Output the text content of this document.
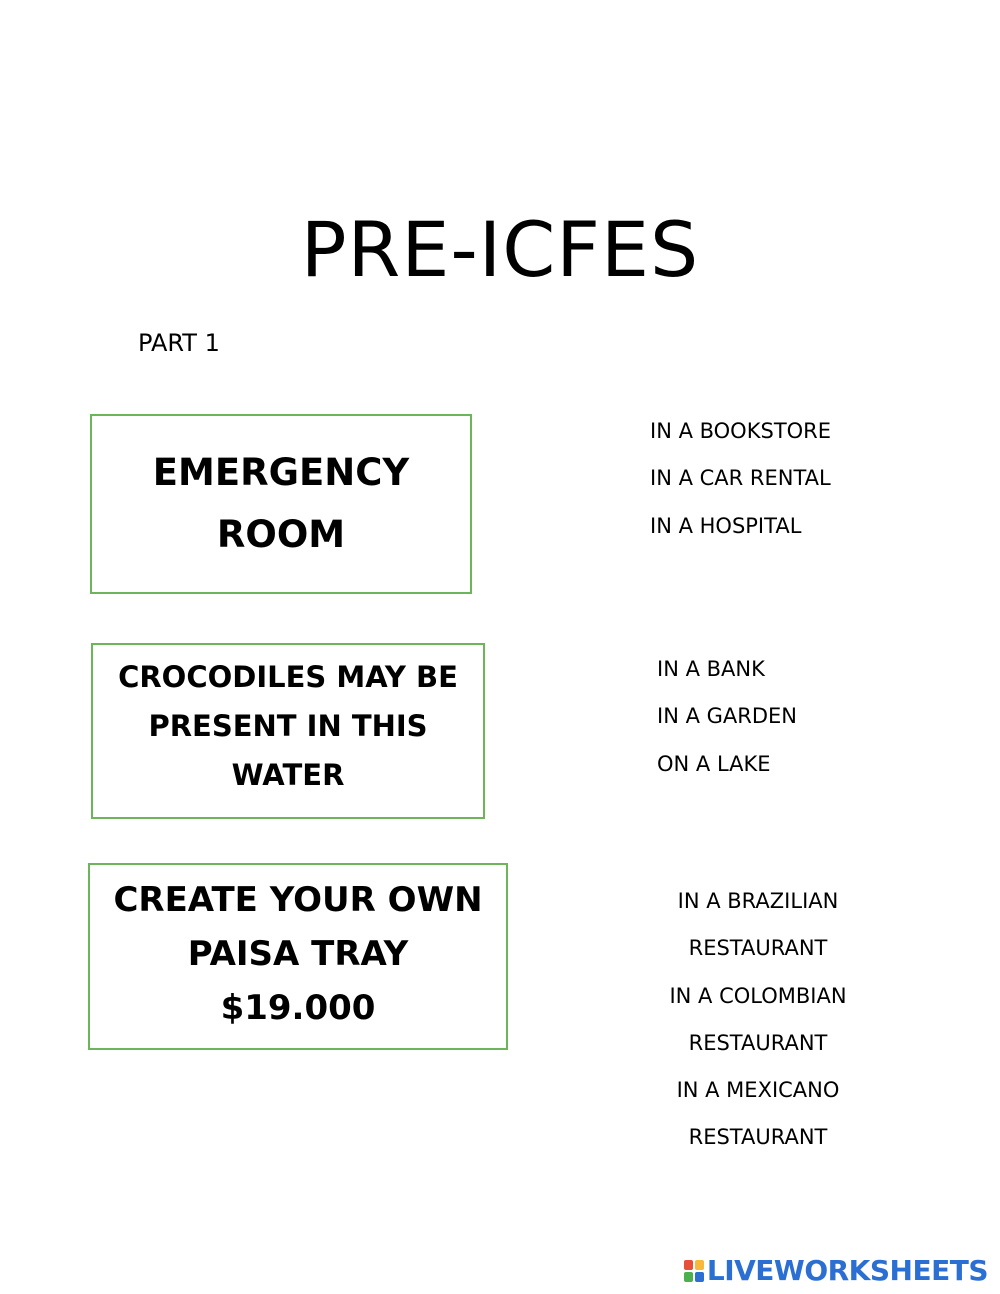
PRE-ICFES
PART 1
EMERGENCY
ROOM
IN A BOOKSTORE
IN A CAR RENTAL
IN A HOSPITAL
CROCODILES MAY BE
PRESENT IN THIS
WATER
IN A BANK
IN A GARDEN
ON A LAKE
CREATE YOUR OWN
PAISA TRAY
$19.000
IN A BRAZILIAN
RESTAURANT
IN A COLOMBIAN
RESTAURANT
IN A MEXICANO
RESTAURANT
LIVEWORKSHEETS
